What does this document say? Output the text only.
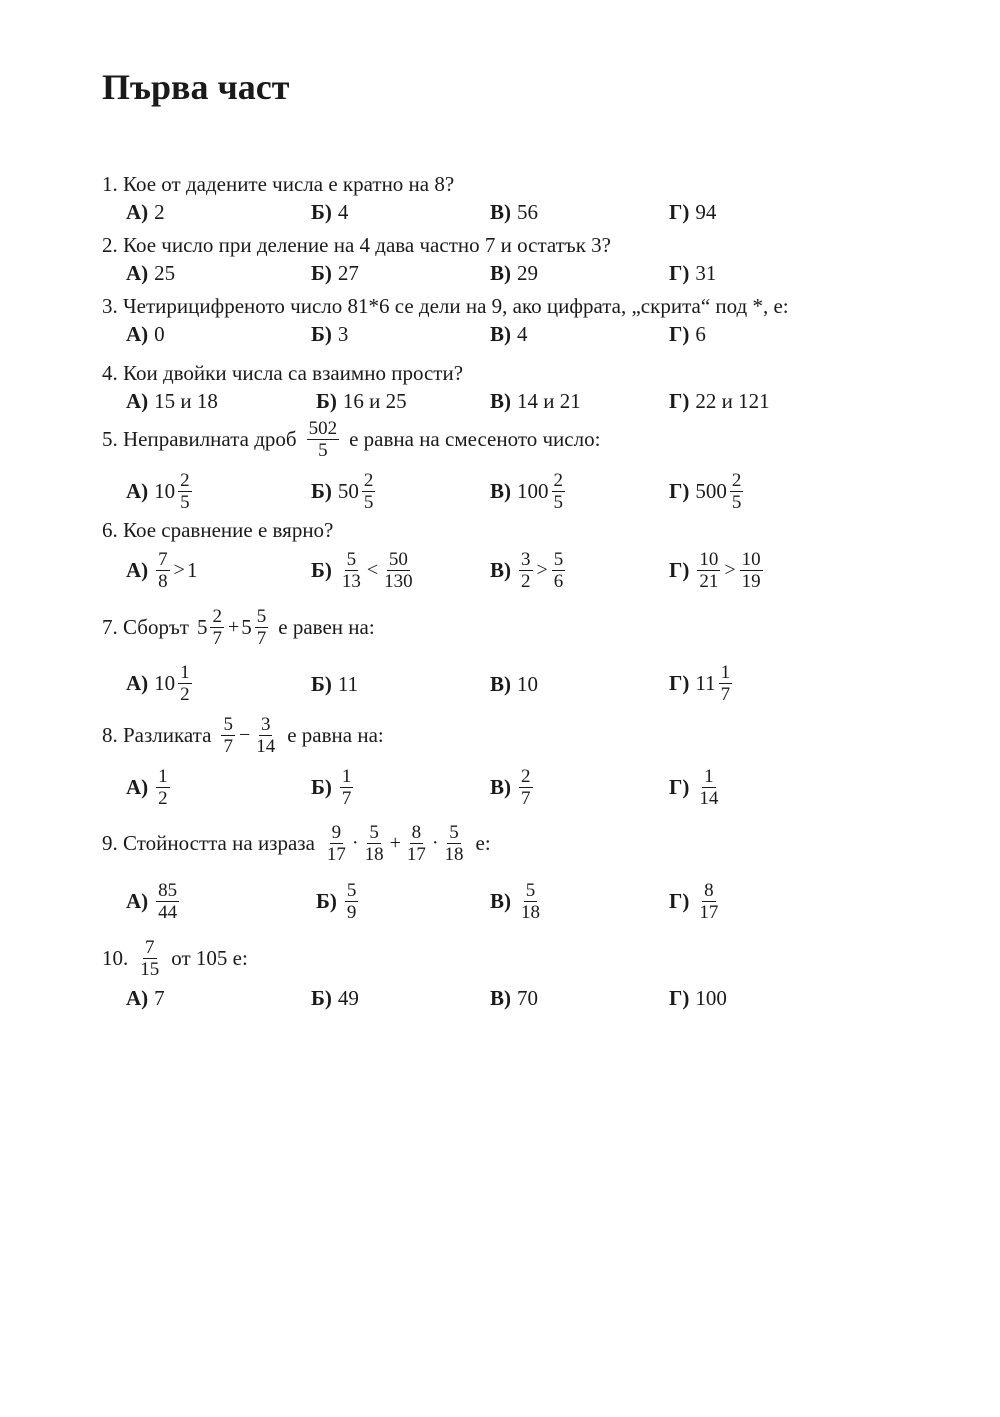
Първа част
1. Кое от дадените числа е кратно на 8?
А) 2	Б) 4	В) 56	Г) 94
2. Кое число при деление на 4 дава частно 7 и остатък 3?
А) 25	Б) 27	В) 29	Г) 31
3. Четирицифреното число 81*6 се дели на 9, ако цифрата, „скрита“ под *, е:
А) 0	Б) 3	В) 4	Г) 6
4. Кои двойки числа са взаимно прости?
А) 15 и 18	Б) 16 и 25	В) 14 и 21	Г) 22 и 121
5. Неправилната дроб $\frac{502}{5}$ е равна на смесеното число:
А) $10 \frac{2}{5}$	Б) $50 \frac{2}{5}$	В) $100 \frac{2}{5}$	Г) $500 \frac{2}{5}$
6. Кое сравнение е вярно?
$А) \frac{7}{8} > 1$	$Б) \frac{5}{13} < \frac{50}{130}$	$В) \frac{3}{2} > \frac{5}{6}$	$Г) \frac{10}{21} > \frac{10}{19}$
7. Сборът $5 \frac{2}{7} + 5 \frac{5}{7}$ е равен на:
А) $10 \frac{1}{2}$	Б) 11	В) 10	Г) $11 \frac{1}{7}$
8. Разликата $\frac{5}{7} - \frac{3}{14}$ е равна на:
$А) \frac{1}{2}$	$Б) \frac{1}{7}$	$В) \frac{2}{7}$	$Г) \frac{1}{14}$
9. Стойността на израза $\frac{9}{17} \cdot \frac{5}{18} + \frac{8}{17} \cdot \frac{5}{18} е$:
$А) \frac{85}{44}$	$Б) \frac{5}{9}$	$В) \frac{5}{18}$	$Г) \frac{8}{17}$
10. $\frac{7}{15}$ от 105 е:
А) 7	Б) 49	В) 70	Г) 100
